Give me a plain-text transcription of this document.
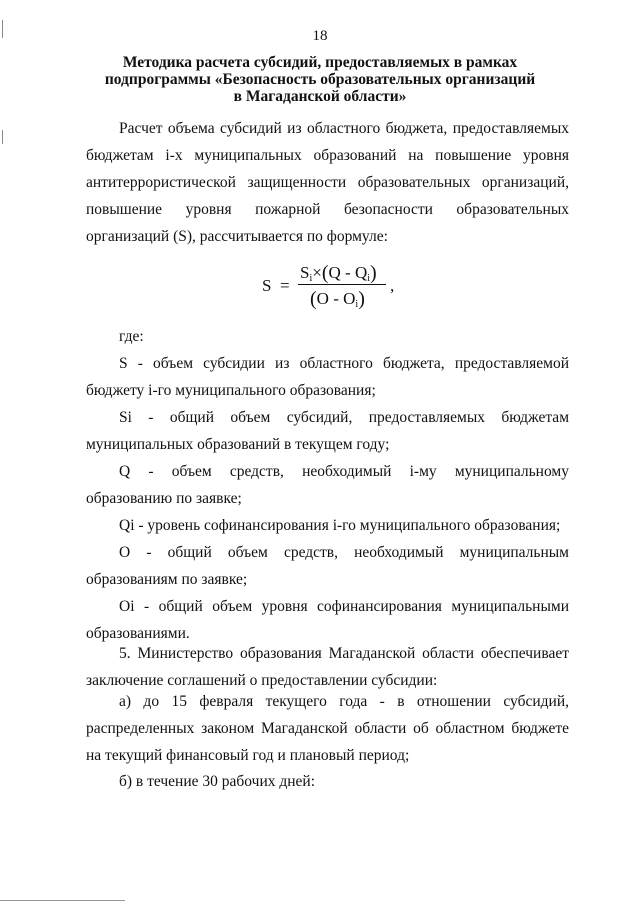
18
Методика расчета субсидий, предоставляемых в рамках
подпрограммы «Безопасность образовательных организаций
в Магаданской области»
Расчет объема субсидий из областного бюджета, предоставляемых бюджетам i-х муниципальных образований на повышение уровня антитеррористической защищенности образовательных организаций, повышение уровня пожарной безопасности образовательных организаций (S), рассчитывается по формуле:
S =
$S_i\times(Q - Q_i)$
$(O - O_i)$
,
где:
S - объем субсидии из областного бюджета, предоставляемой бюджету i-го муниципального образования;
Si - общий объем субсидий, предоставляемых бюджетам муниципальных образований в текущем году;
Q - объем средств, необходимый i-му муниципальному образованию по заявке;
Qi - уровень софинансирования i-го муниципального образования;
O - общий объем средств, необходимый муниципальным образованиям по заявке;
Oi - общий объем уровня софинансирования муниципальными образованиями.
5. Министерство образования Магаданской области обеспечивает заключение соглашений о предоставлении субсидии:
а) до 15 февраля текущего года - в отношении субсидий, распределенных законом Магаданской области об областном бюджете на текущий финансовый год и плановый период;
б) в течение 30 рабочих дней:
